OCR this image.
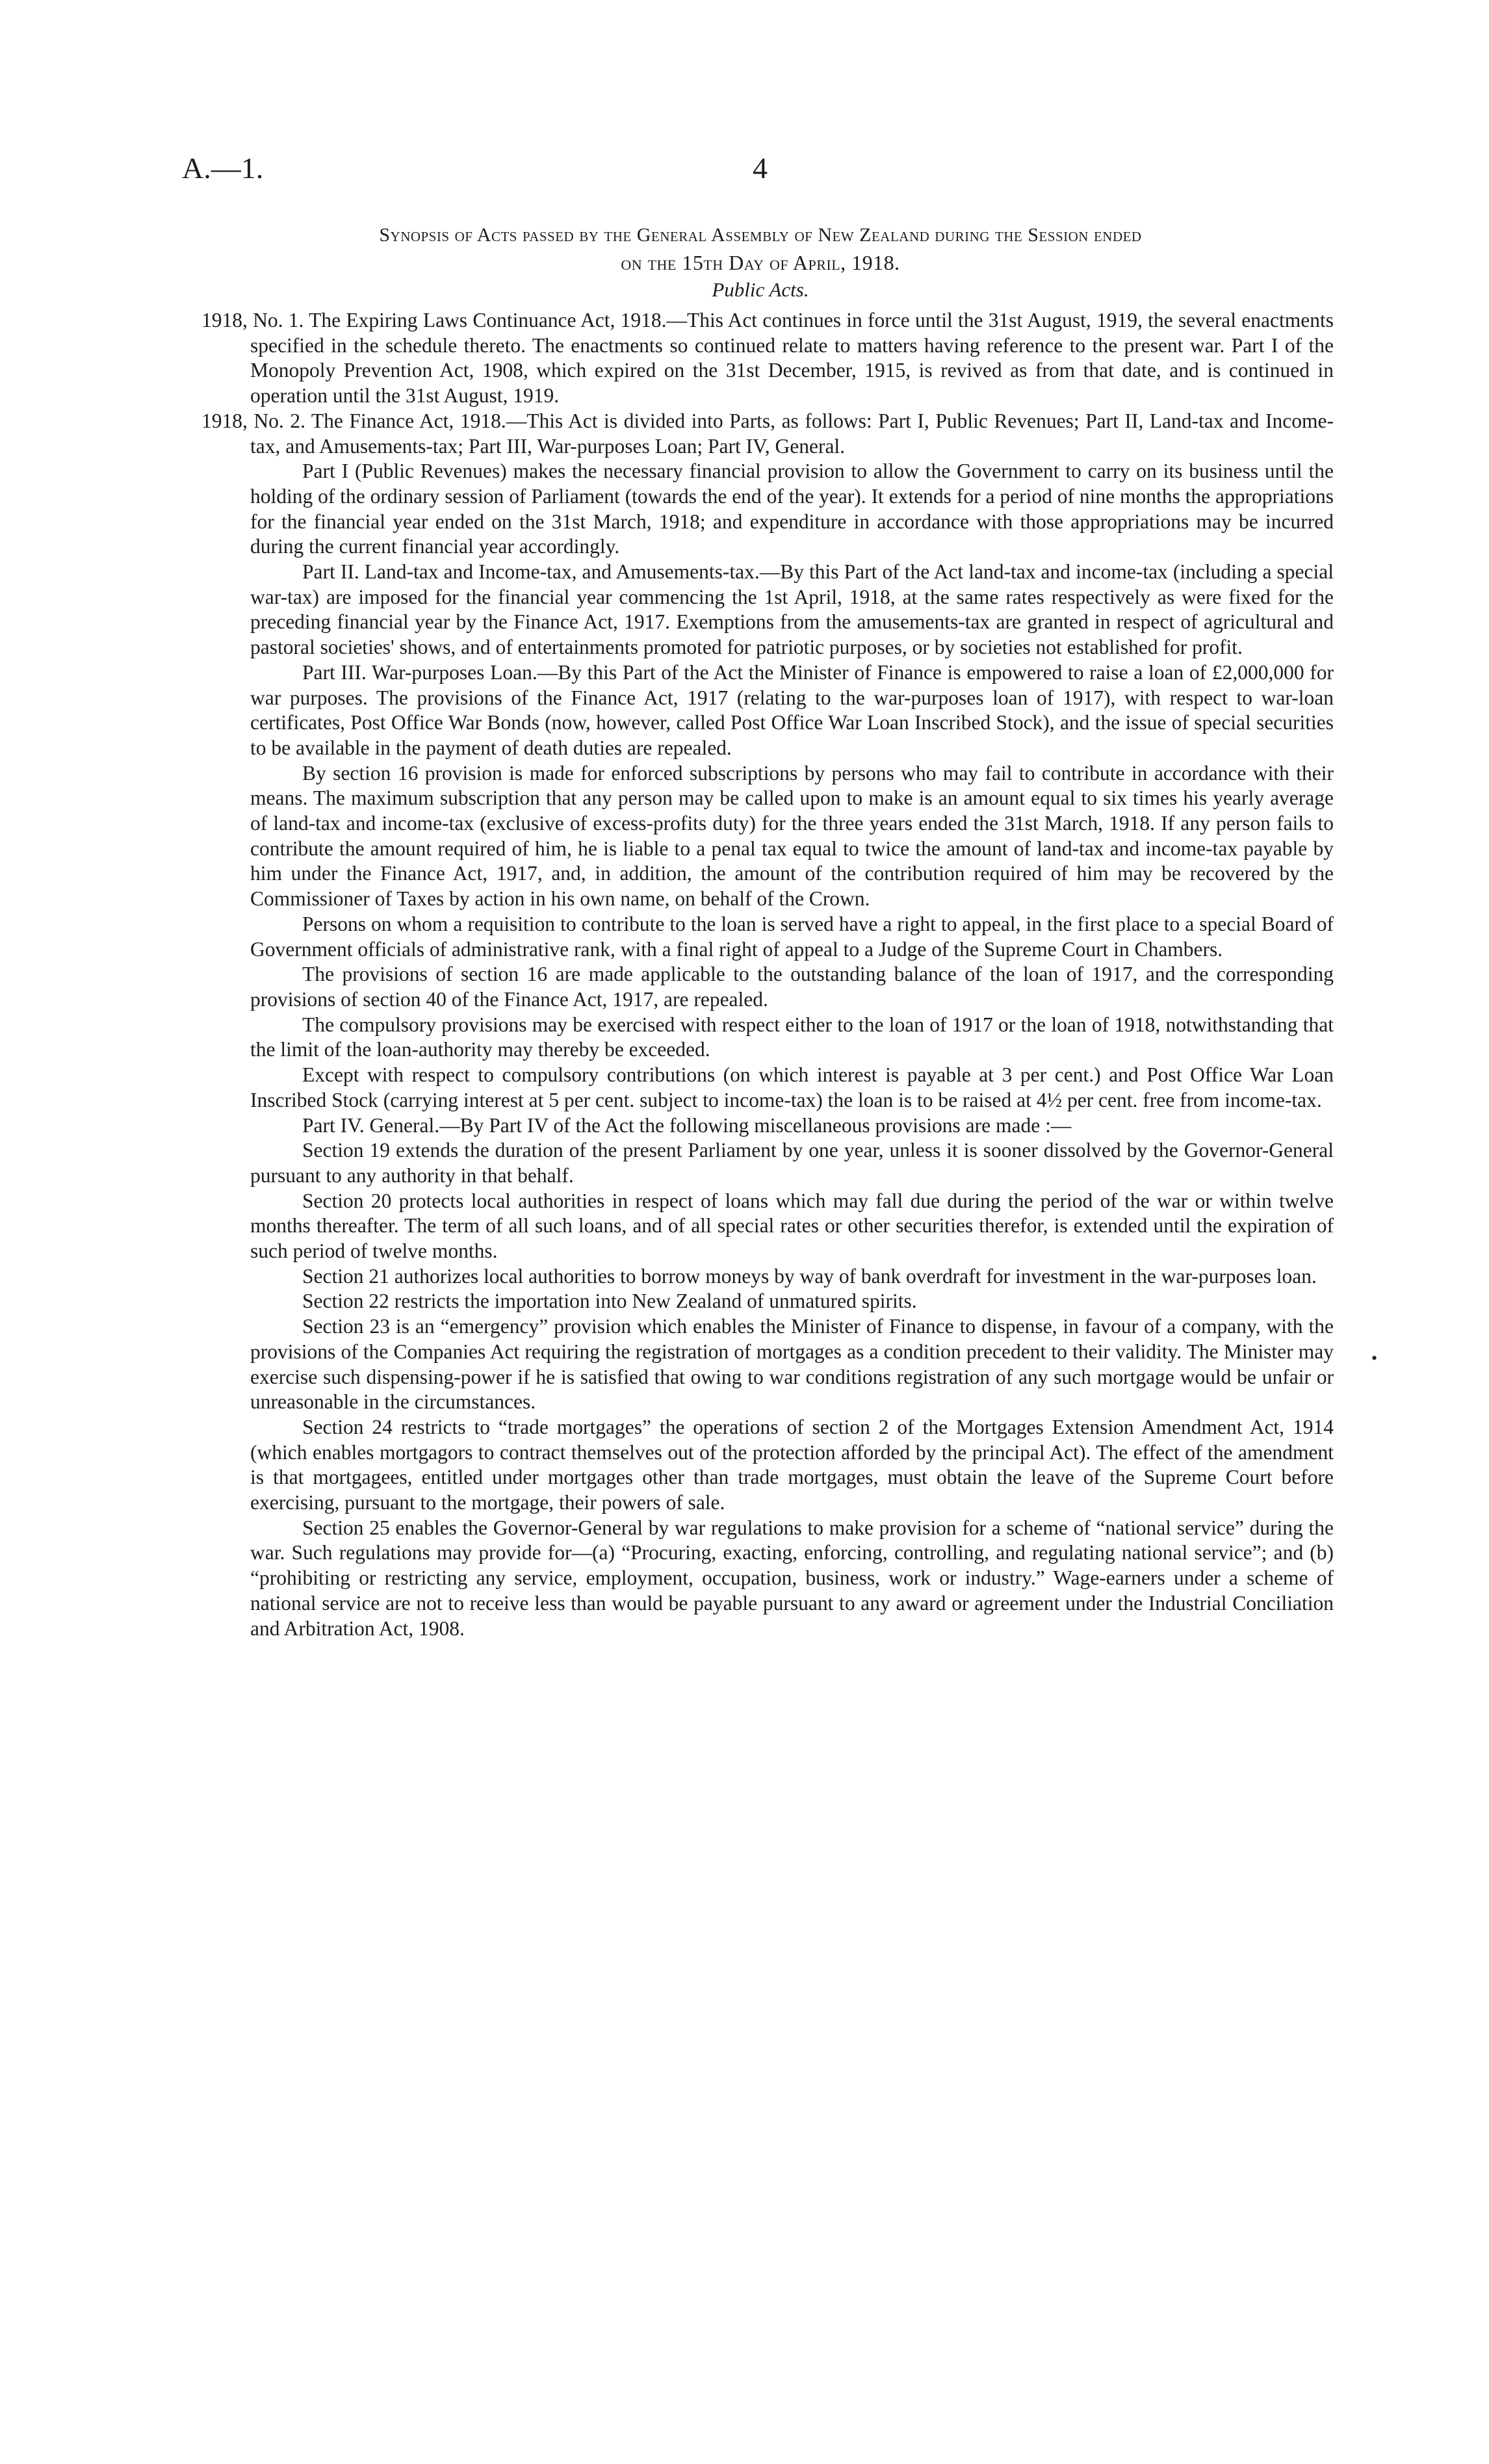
A.—1.	4
Synopsis of Acts passed by the General Assembly of New Zealand during the Session ended
on the 15th Day of April, 1918.
Public Acts.

1918, No. 1. The Expiring Laws Continuance Act, 1918.—This Act continues in force until the 31st August, 1919, the several enactments specified in the schedule thereto. The enactments so continued relate to matters having reference to the present war. Part I of the Monopoly Prevention Act, 1908, which expired on the 31st December, 1915, is revived as from that date, and is continued in operation until the 31st August, 1919.

1918, No. 2. The Finance Act, 1918.—This Act is divided into Parts, as follows: Part I, Public Revenues; Part II, Land-tax and Income-tax, and Amusements-tax; Part III, War-purposes Loan; Part IV, General.

Part I (Public Revenues) makes the necessary financial provision to allow the Government to carry on its business until the holding of the ordinary session of Parliament (towards the end of the year). It extends for a period of nine months the appropriations for the financial year ended on the 31st March, 1918; and expenditure in accordance with those appropriations may be incurred during the current financial year accordingly.

Part II. Land-tax and Income-tax, and Amusements-tax.—By this Part of the Act land-tax and income-tax (including a special war-tax) are imposed for the financial year commencing the 1st April, 1918, at the same rates respectively as were fixed for the preceding financial year by the Finance Act, 1917. Exemptions from the amusements-tax are granted in respect of agricultural and pastoral societies' shows, and of entertainments promoted for patriotic purposes, or by societies not established for profit.

Part III. War-purposes Loan.—By this Part of the Act the Minister of Finance is empowered to raise a loan of £2,000,000 for war purposes. The provisions of the Finance Act, 1917 (relating to the war-purposes loan of 1917), with respect to war-loan certificates, Post Office War Bonds (now, however, called Post Office War Loan Inscribed Stock), and the issue of special securities to be available in the payment of death duties are repealed.

By section 16 provision is made for enforced subscriptions by persons who may fail to contribute in accordance with their means. The maximum subscription that any person may be called upon to make is an amount equal to six times his yearly average of land-tax and income-tax (exclusive of excess-profits duty) for the three years ended the 31st March, 1918. If any person fails to contribute the amount required of him, he is liable to a penal tax equal to twice the amount of land-tax and income-tax payable by him under the Finance Act, 1917, and, in addition, the amount of the contribution required of him may be recovered by the Commissioner of Taxes by action in his own name, on behalf of the Crown.

Persons on whom a requisition to contribute to the loan is served have a right to appeal, in the first place to a special Board of Government officials of administrative rank, with a final right of appeal to a Judge of the Supreme Court in Chambers.

The provisions of section 16 are made applicable to the outstanding balance of the loan of 1917, and the corresponding provisions of section 40 of the Finance Act, 1917, are repealed.

The compulsory provisions may be exercised with respect either to the loan of 1917 or the loan of 1918, notwithstanding that the limit of the loan-authority may thereby be exceeded.

Except with respect to compulsory contributions (on which interest is payable at 3 per cent.) and Post Office War Loan Inscribed Stock (carrying interest at 5 per cent. subject to income-tax) the loan is to be raised at 4½ per cent. free from income-tax.

Part IV. General.—By Part IV of the Act the following miscellaneous provisions are made :—

Section 19 extends the duration of the present Parliament by one year, unless it is sooner dissolved by the Governor-General pursuant to any authority in that behalf.

Section 20 protects local authorities in respect of loans which may fall due during the period of the war or within twelve months thereafter. The term of all such loans, and of all special rates or other securities therefor, is extended until the expiration of such period of twelve months.

Section 21 authorizes local authorities to borrow moneys by way of bank overdraft for investment in the war-purposes loan.

Section 22 restricts the importation into New Zealand of unmatured spirits.

Section 23 is an “emergency” provision which enables the Minister of Finance to dispense, in favour of a company, with the provisions of the Companies Act requiring the registration of mortgages as a condition precedent to their validity. The Minister may exercise such dispensing-power if he is satisfied that owing to war conditions registration of any such mortgage would be unfair or unreasonable in the circumstances.

Section 24 restricts to “trade mortgages” the operations of section 2 of the Mortgages Extension Amendment Act, 1914 (which enables mortgagors to contract themselves out of the protection afforded by the principal Act). The effect of the amendment is that mortgagees, entitled under mortgages other than trade mortgages, must obtain the leave of the Supreme Court before exercising, pursuant to the mortgage, their powers of sale.

Section 25 enables the Governor-General by war regulations to make provision for a scheme of “national service” during the war. Such regulations may provide for—(a) “Procuring, exacting, enforcing, controlling, and regulating national service”; and (b) “prohibiting or restricting any service, employment, occupation, business, work or industry.” Wage-earners under a scheme of national service are not to receive less than would be payable pursuant to any award or agreement under the Industrial Conciliation and Arbitration Act, 1908.

•
